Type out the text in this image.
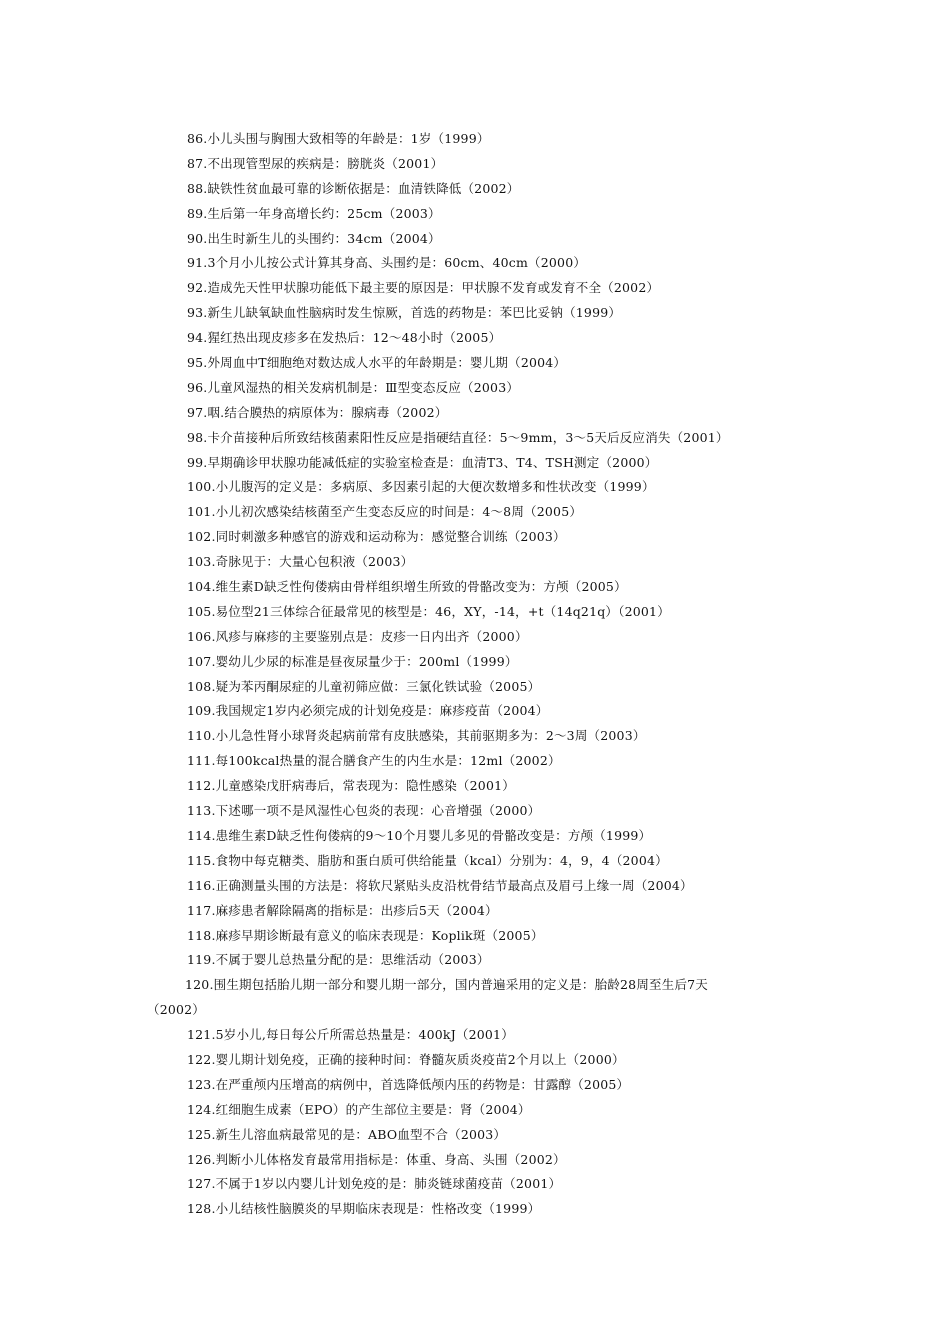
86.小儿头围与胸围大致相等的年龄是：1岁（1999）
87.不出现管型尿的疾病是：膀胱炎（2001）
88.缺铁性贫血最可靠的诊断依据是：血清铁降低（2002）
89.生后第一年身高增长约：25cm（2003）
90.出生时新生儿的头围约：34cm（2004）
91.3个月小儿按公式计算其身高、头围约是：60cm、40cm（2000）
92.造成先天性甲状腺功能低下最主要的原因是：甲状腺不发育或发育不全（2002）
93.新生儿缺氧缺血性脑病时发生惊厥，首选的药物是：苯巴比妥钠（1999）
94.猩红热出现皮疹多在发热后：12～48小时（2005）
95.外周血中T细胞绝对数达成人水平的年龄期是：婴儿期（2004）
96.儿童风湿热的相关发病机制是：Ⅲ型变态反应（2003）
97.咽.结合膜热的病原体为：腺病毒（2002）
98.卡介苗接种后所致结核菌素阳性反应是指硬结直径：5～9mm，3～5天后反应消失（2001）
99.早期确诊甲状腺功能减低症的实验室检查是：血清T3、T4、TSH测定（2000）
100.小儿腹泻的定义是：多病原、多因素引起的大便次数增多和性状改变（1999）
101.小儿初次感染结核菌至产生变态反应的时间是：4～8周（2005）
102.同时刺激多种感官的游戏和运动称为：感觉整合训练（2003）
103.奇脉见于：大量心包积液（2003）
104.维生素D缺乏性佝偻病由骨样组织增生所致的骨骼改变为：方颅（2005）
105.易位型21三体综合征最常见的核型是：46，XY，-14，+t（14q21q）（2001）
106.风疹与麻疹的主要鉴别点是：皮疹一日内出齐（2000）
107.婴幼儿少尿的标准是昼夜尿量少于：200ml（1999）
108.疑为苯丙酮尿症的儿童初筛应做：三氯化铁试验（2005）
109.我国规定1岁内必须完成的计划免疫是：麻疹疫苗（2004）
110.小儿急性肾小球肾炎起病前常有皮肤感染，其前驱期多为：2～3周（2003）
111.每100kcal热量的混合膳食产生的内生水是：12ml（2002）
112.儿童感染戊肝病毒后，常表现为：隐性感染（2001）
113.下述哪一项不是风湿性心包炎的表现：心音增强（2000）
114.患维生素D缺乏性佝偻病的9～10个月婴儿多见的骨骼改变是：方颅（1999）
115.食物中每克糖类、脂肪和蛋白质可供给能量（kcal）分别为：4，9，4（2004）
116.正确测量头围的方法是：将软尺紧贴头皮沿枕骨结节最高点及眉弓上缘一周（2004）
117.麻疹患者解除隔离的指标是：出疹后5天（2004）
118.麻疹早期诊断最有意义的临床表现是：Koplik斑（2005）
119.不属于婴儿总热量分配的是：思维活动（2003）
120.围生期包括胎儿期一部分和婴儿期一部分，国内普遍采用的定义是：胎龄28周至生后7天
（2002）
121.5岁小儿,每日每公斤所需总热量是：400kJ（2001）
122.婴儿期计划免疫，正确的接种时间：脊髓灰质炎疫苗2个月以上（2000）
123.在严重颅内压增高的病例中，首选降低颅内压的药物是：甘露醇（2005）
124.红细胞生成素（EPO）的产生部位主要是：肾（2004）
125.新生儿溶血病最常见的是：ABO血型不合（2003）
126.判断小儿体格发育最常用指标是：体重、身高、头围（2002）
127.不属于1岁以内婴儿计划免疫的是：肺炎链球菌疫苗（2001）
128.小儿结核性脑膜炎的早期临床表现是：性格改变（1999）
